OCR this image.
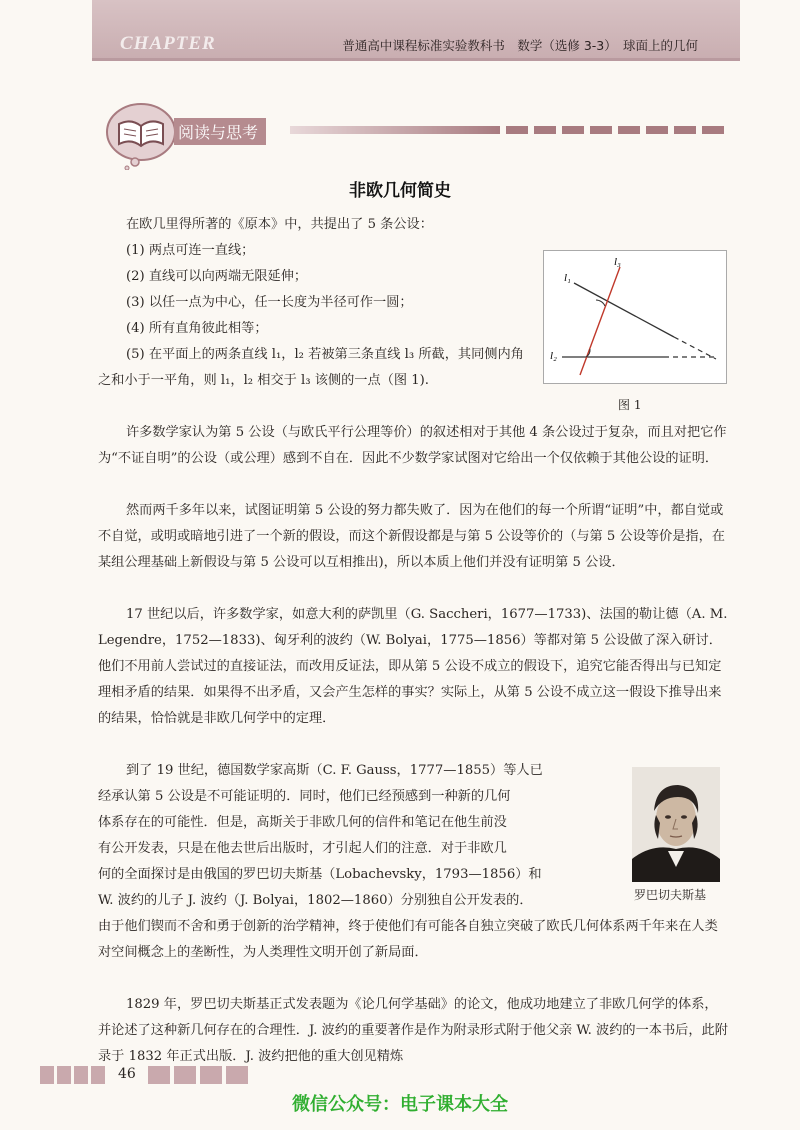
CHAPTER	普通高中课程标准实验教科书　数学（选修 3-3）　球面上的几何
阅读与思考
非欧几何简史
在欧几里得所著的《原本》中，共提出了 5 条公设：
(1) 两点可连一直线；
(2) 直线可以向两端无限延伸；
(3) 以任一点为中心，任一长度为半径可作一圆；
(4) 所有直角彼此相等；
(5) 在平面上的两条直线 l₁，l₂ 若被第三条直线 l₃ 所截，其同侧内角之和小于一平角，则 l₁，l₂ 相交于 l₃ 该侧的一点（图 1).
l₁
l₃
l₂
图 1

许多数学家认为第 5 公设（与欧氏平行公理等价）的叙述相对于其他 4 条公设过于复杂，而且对把它作为“不证自明”的公设（或公理）感到不自在．因此不少数学家试图对它给出一个仅依赖于其他公设的证明．

然而两千多年以来，试图证明第 5 公设的努力都失败了．因为在他们的每一个所谓“证明”中，都自觉或不自觉，或明或暗地引进了一个新的假设，而这个新假设都是与第 5 公设等价的（与第 5 公设等价是指，在某组公理基础上新假设与第 5 公设可以互相推出)，所以本质上他们并没有证明第 5 公设．

17 世纪以后，许多数学家，如意大利的萨凯里（G. Saccheri，1677—1733)、法国的勒让德（A. M. Legendre，1752—1833)、匈牙利的波约（W. Bolyai，1775—1856）等都对第 5 公设做了深入研讨．他们不用前人尝试过的直接证法，而改用反证法，即从第 5 公设不成立的假设下，追究它能否得出与已知定理相矛盾的结果．如果得不出矛盾，又会产生怎样的事实？实际上，从第 5 公设不成立这一假设下推导出来的结果，恰恰就是非欧几何学中的定理．

到了 19 世纪，德国数学家高斯（C. F. Gauss，1777—1855）等人已
经承认第 5 公设是不可能证明的．同时，他们已经预感到一种新的几何
体系存在的可能性．但是，高斯关于非欧几何的信件和笔记在他生前没
有公开发表，只是在他去世后出版时，才引起人们的注意．对于非欧几
何的全面探讨是由俄国的罗巴切夫斯基（Lobachevsky，1793—1856）和
W. 波约的儿子 J. 波约（J. Bolyai，1802—1860）分别独自公开发表的．

由于他们锲而不舍和勇于创新的治学精神，终于使他们有可能各自独立突破了欧氏几何体系两千年来在人类对空间概念上的垄断性，为人类理性文明开创了新局面．

罗巴切夫斯基

1829 年，罗巴切夫斯基正式发表题为《论几何学基础》的论文，他成功地建立了非欧几何学的体系，并论述了这种新几何存在的合理性．J. 波约的重要著作是作为附录形式附于他父亲 W. 波约的一本书后，此附录于 1832 年正式出版．J. 波约把他的重大创见精炼

46
微信公众号：电子课本大全
